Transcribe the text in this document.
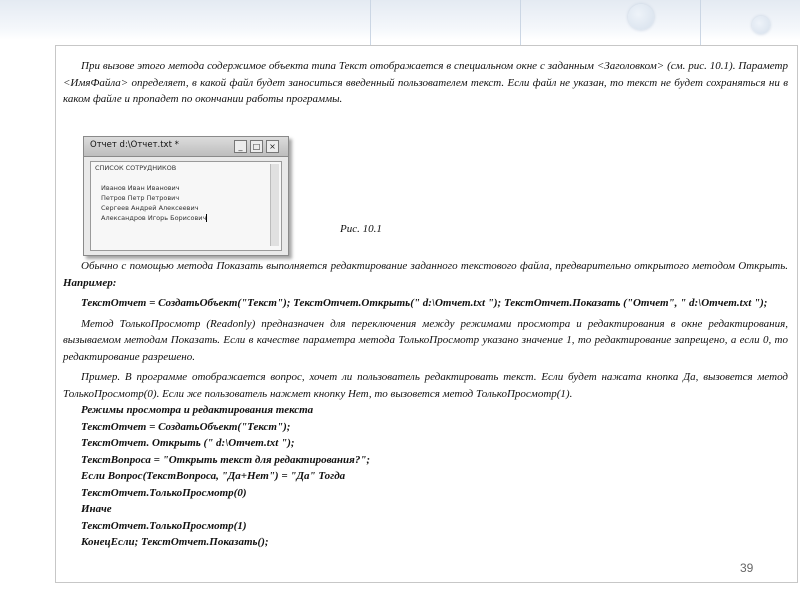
При вызове этого метода содержимое объекта типа Текст отображается в специальном окне с заданным <Заголовком> (см. рис. 10.1). Параметр <ИмяФайла> определяет, в какой файл будет заноситься введенный пользователем текст. Если файл не указан, то текст не будет сохраняться ни в каком файле и пропадет по окончании работы программы.

Отчет d:\Отчет.txt *	_	□	×
СПИСОК СОТРУДНИКОВ
Иванов Иван Иванович
Петров Петр Петрович
Сергеев Андрей Алексеевич
Александров Игорь Борисович
Рис. 10.1

Обычно с помощью метода Показать выполняется редактирование заданного текстового файла, предварительно открытого методом Открыть. Например:

ТекстОтчет = СоздатьОбъект("Текст"); ТекстОтчет.Открыть(" d:\Отчет.txt "); ТекстОтчет.Показать ("Отчет", " d:\Отчет.txt ");

Метод ТолькоПросмотр (Readonly) предназначен для переключения между режимами просмотра и редактирования в окне редактирования, вызываемом методам Показать. Если в качестве параметра метода ТолькоПросмотр указано значение 1, то редактирование запрещено, а если 0, то редактирование разрешено.

Пример. В программе отображается вопрос, хочет ли пользователь редактировать текст. Если будет нажата кнопка Да, вызовется метод ТолькоПросмотр(0). Если же пользователь нажмет кнопку Нет, то вызовется метод ТолькоПросмотр(1).

Режимы просмотра и редактирования текста
ТекстОтчет = СоздатьОбъект("Текст");
ТекстОтчет. Открыть (" d:\Отчет.txt ");
ТекстВопроса = "Открыть текст для редактирования?";
Если Вопрос(ТекстВопроса, "Да+Нет") = "Да" Тогда
ТекстОтчет.ТолькоПросмотр(0)
Иначе
ТекстОтчет.ТолькоПросмотр(1)
КонецЕсли; ТекстОтчет.Показать();
39
